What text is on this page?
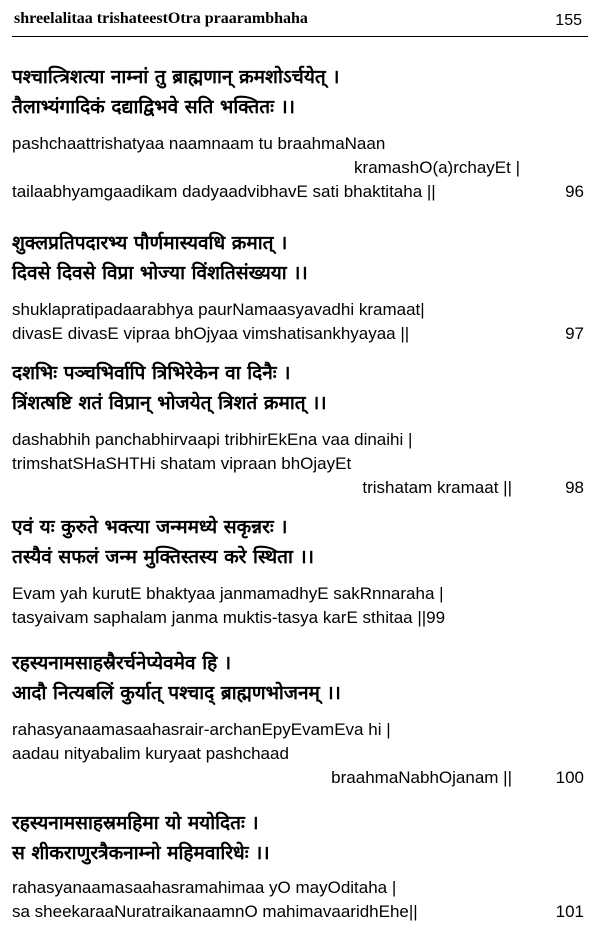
shreelalitaa trishateestOtra praarambhaha	155
पश्चात्त्रिशत्या नाम्नां तु ब्राह्मणान् क्रमशोऽर्चयेत् ।
तैलाभ्यंगादिकं दद्याद्विभवे सति भक्तितः ।।
pashchaattrishatyaa naamnaam tu braahmaNaan
kramashO(a)rchayEt |
tailaabhyamgaadikam dadyaadvibhavE sati bhaktitaha ||	96
शुक्लप्रतिपदारभ्य पौर्णमास्यवधि क्रमात् ।
दिवसे दिवसे विप्रा भोज्या विंशतिसंख्यया ।।
shuklapratipadaarabhya paurNamaasyavadhi kramaat|
divasE divasE vipraa bhOjyaa vimshatisankhyayaa ||	97
दशभिः पञ्चभिर्वापि त्रिभिरेकेन वा दिनैः ।
त्रिंशत्षष्टि शतं विप्रान् भोजयेत् त्रिशतं क्रमात् ।।
dashabhih panchabhirvaapi tribhirEkEna vaa dinaihi |
trimshatSHaSHTHi shatam vipraan bhOjayEt
trishatam kramaat ||	98
एवं यः कुरुते भक्त्या जन्ममध्ये सकृन्नरः ।
तस्यैवं सफलं जन्म मुक्तिस्तस्य करे स्थिता ।।
Evam yah kurutE bhaktyaa janmamadhyE sakRnnaraha |
tasyaivam saphalam janma muktis-tasya karE sthitaa ||99
रहस्यनामसाहस्रैरर्चनेप्येवमेव हि ।
आदौ नित्यबलिं कुर्यात् पश्चाद् ब्राह्मणभोजनम् ।।
rahasyanaamasaahasrair-archanEpyEvamEva hi |
aadau nityabalim kuryaat pashchaad
braahmaNabhOjanam ||	100
रहस्यनामसाहस्रमहिमा यो मयोदितः ।
स शीकराणुरत्रैकनाम्नो महिमवारिधेः ।।
rahasyanaamasaahasramahimaa yO mayOditaha |
sa sheekaraaNuratraikanaamnO mahimavaaridhEhe||	101
